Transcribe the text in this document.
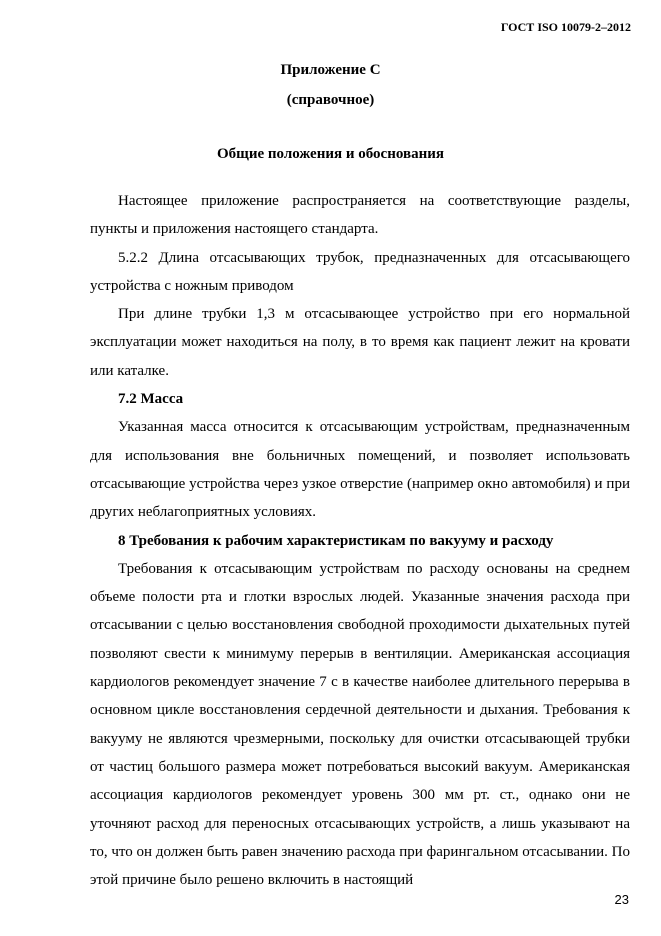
ГОСТ ISO 10079-2–2012
Приложение С
(справочное)
Общие положения и обоснования

Настоящее приложение распространяется на соответствующие разделы, пункты и приложения настоящего стандарта.

5.2.2 Длина отсасывающих трубок, предназначенных для отсасывающего устройства с ножным приводом

При длине трубки 1,3 м отсасывающее устройство при его нормальной эксплуатации может находиться на полу, в то время как пациент лежит на кровати или каталке.

7.2 Масса

Указанная масса относится к отсасывающим устройствам, предназначенным для использования вне больничных помещений, и позволяет использовать отсасывающие устройства через узкое отверстие (например окно автомобиля) и при других неблагоприятных условиях.

8 Требования к рабочим характеристикам по вакууму и расходу

Требования к отсасывающим устройствам по расходу основаны на среднем объеме полости рта и глотки взрослых людей. Указанные значения расхода при отсасывании с целью восстановления свободной проходимости дыхательных путей позволяют свести к минимуму перерыв в вентиляции. Американская ассоциация кардиологов рекомендует значение 7 с в качестве наиболее длительного перерыва в основном цикле восстановления сердечной деятельности и дыхания. Требования к вакууму не являются чрезмерными, поскольку для очистки отсасывающей трубки от частиц большого размера может потребоваться высокий вакуум. Американская ассоциация кардиологов рекомендует уровень 300 мм рт. ст., однако они не уточняют расход для переносных отсасывающих устройств, а лишь указывают на то, что он должен быть равен значению расхода при фарингальном отсасывании. По этой причине было решено включить в настоящий

23
